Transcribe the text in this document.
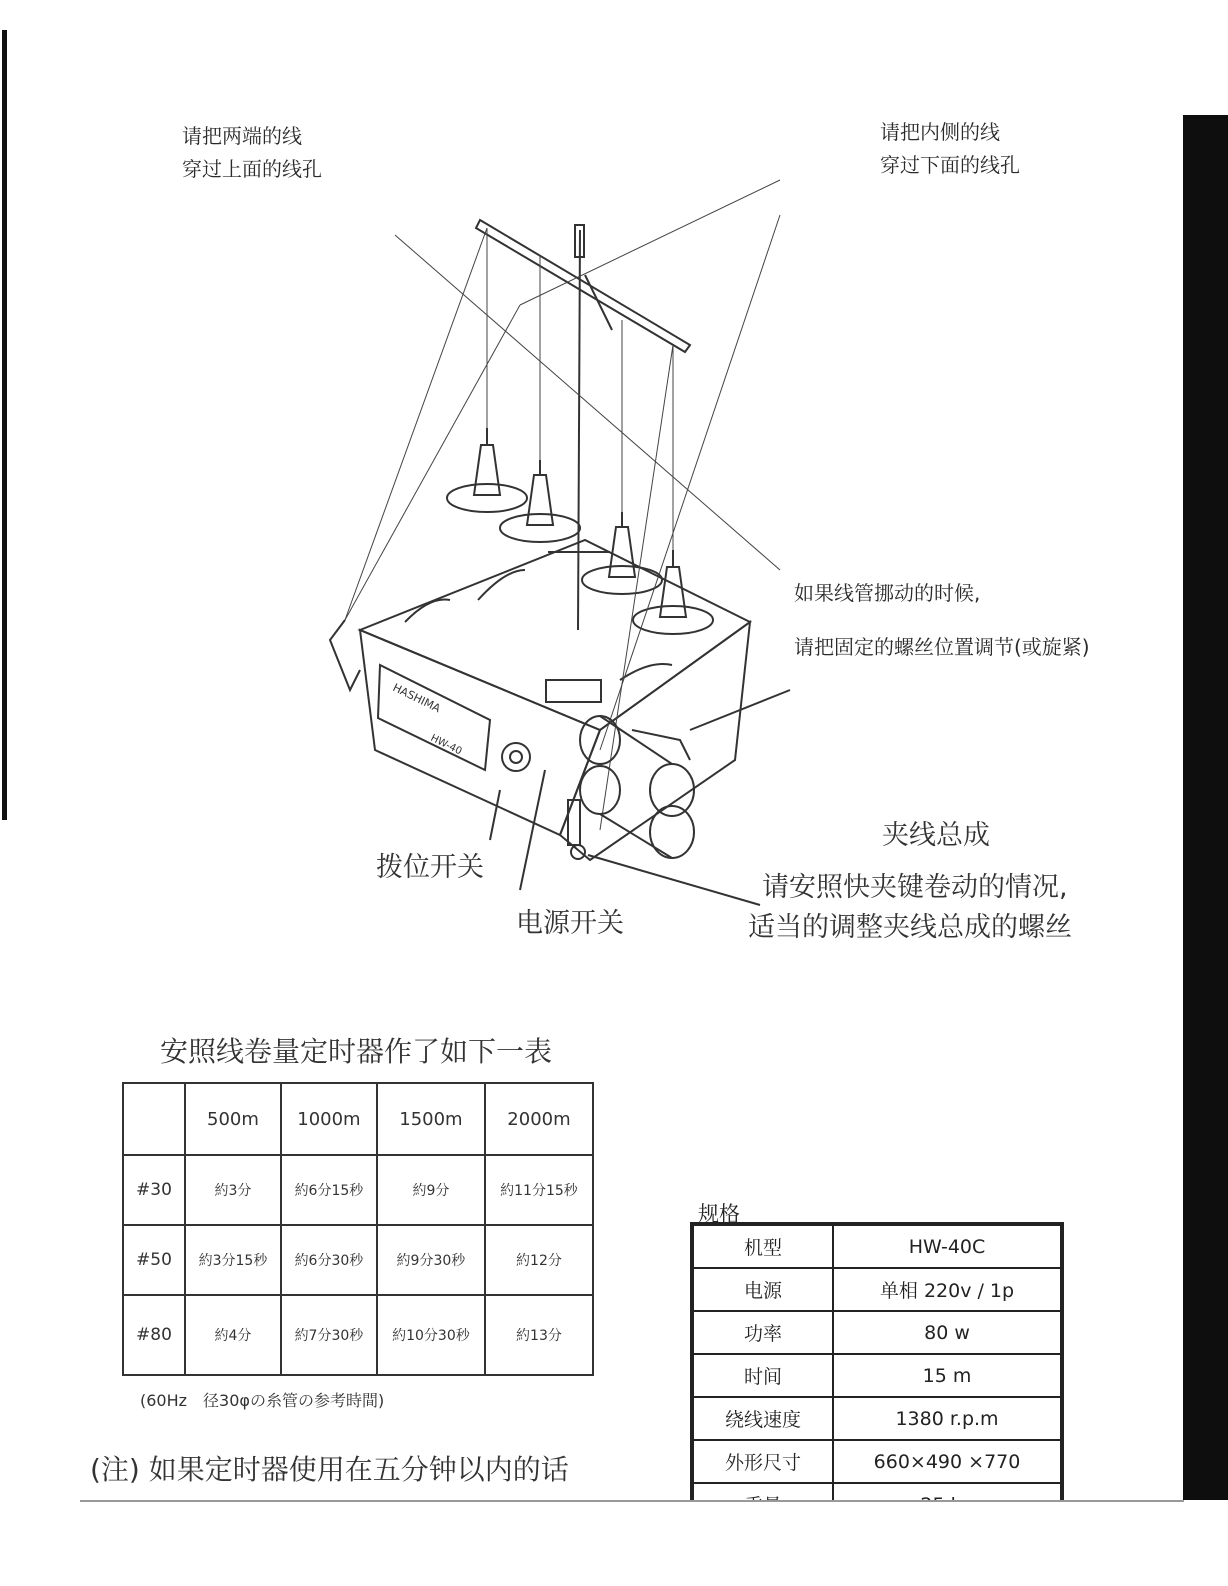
请把两端的线
穿过上面的线孔
请把内侧的线
穿过下面的线孔
HASHIMA
HW-40
如果线管挪动的时候,
请把固定的螺丝位置调节(或旋紧)
夹线总成
请安照快夹键卷动的情况,
适当的调整夹线总成的螺丝
拨位开关
电源开关
安照线卷量定时器作了如下一表
	500m	1000m	1500m	2000m
#30	約3分	約6分15秒	約9分	約11分15秒
#50	約3分15秒	約6分30秒	約9分30秒	約12分
#80	約4分	約7分30秒	約10分30秒	約13分
(60Hz　径30φの糸管の参考時間)
(注) 如果定时器使用在五分钟以内的话
规格
机型	HW-40C
电源	单相 220v / 1p
功率	80 w
时间	15 m
绕线速度	1380 r.p.m
外形尺寸	660×490 ×770
